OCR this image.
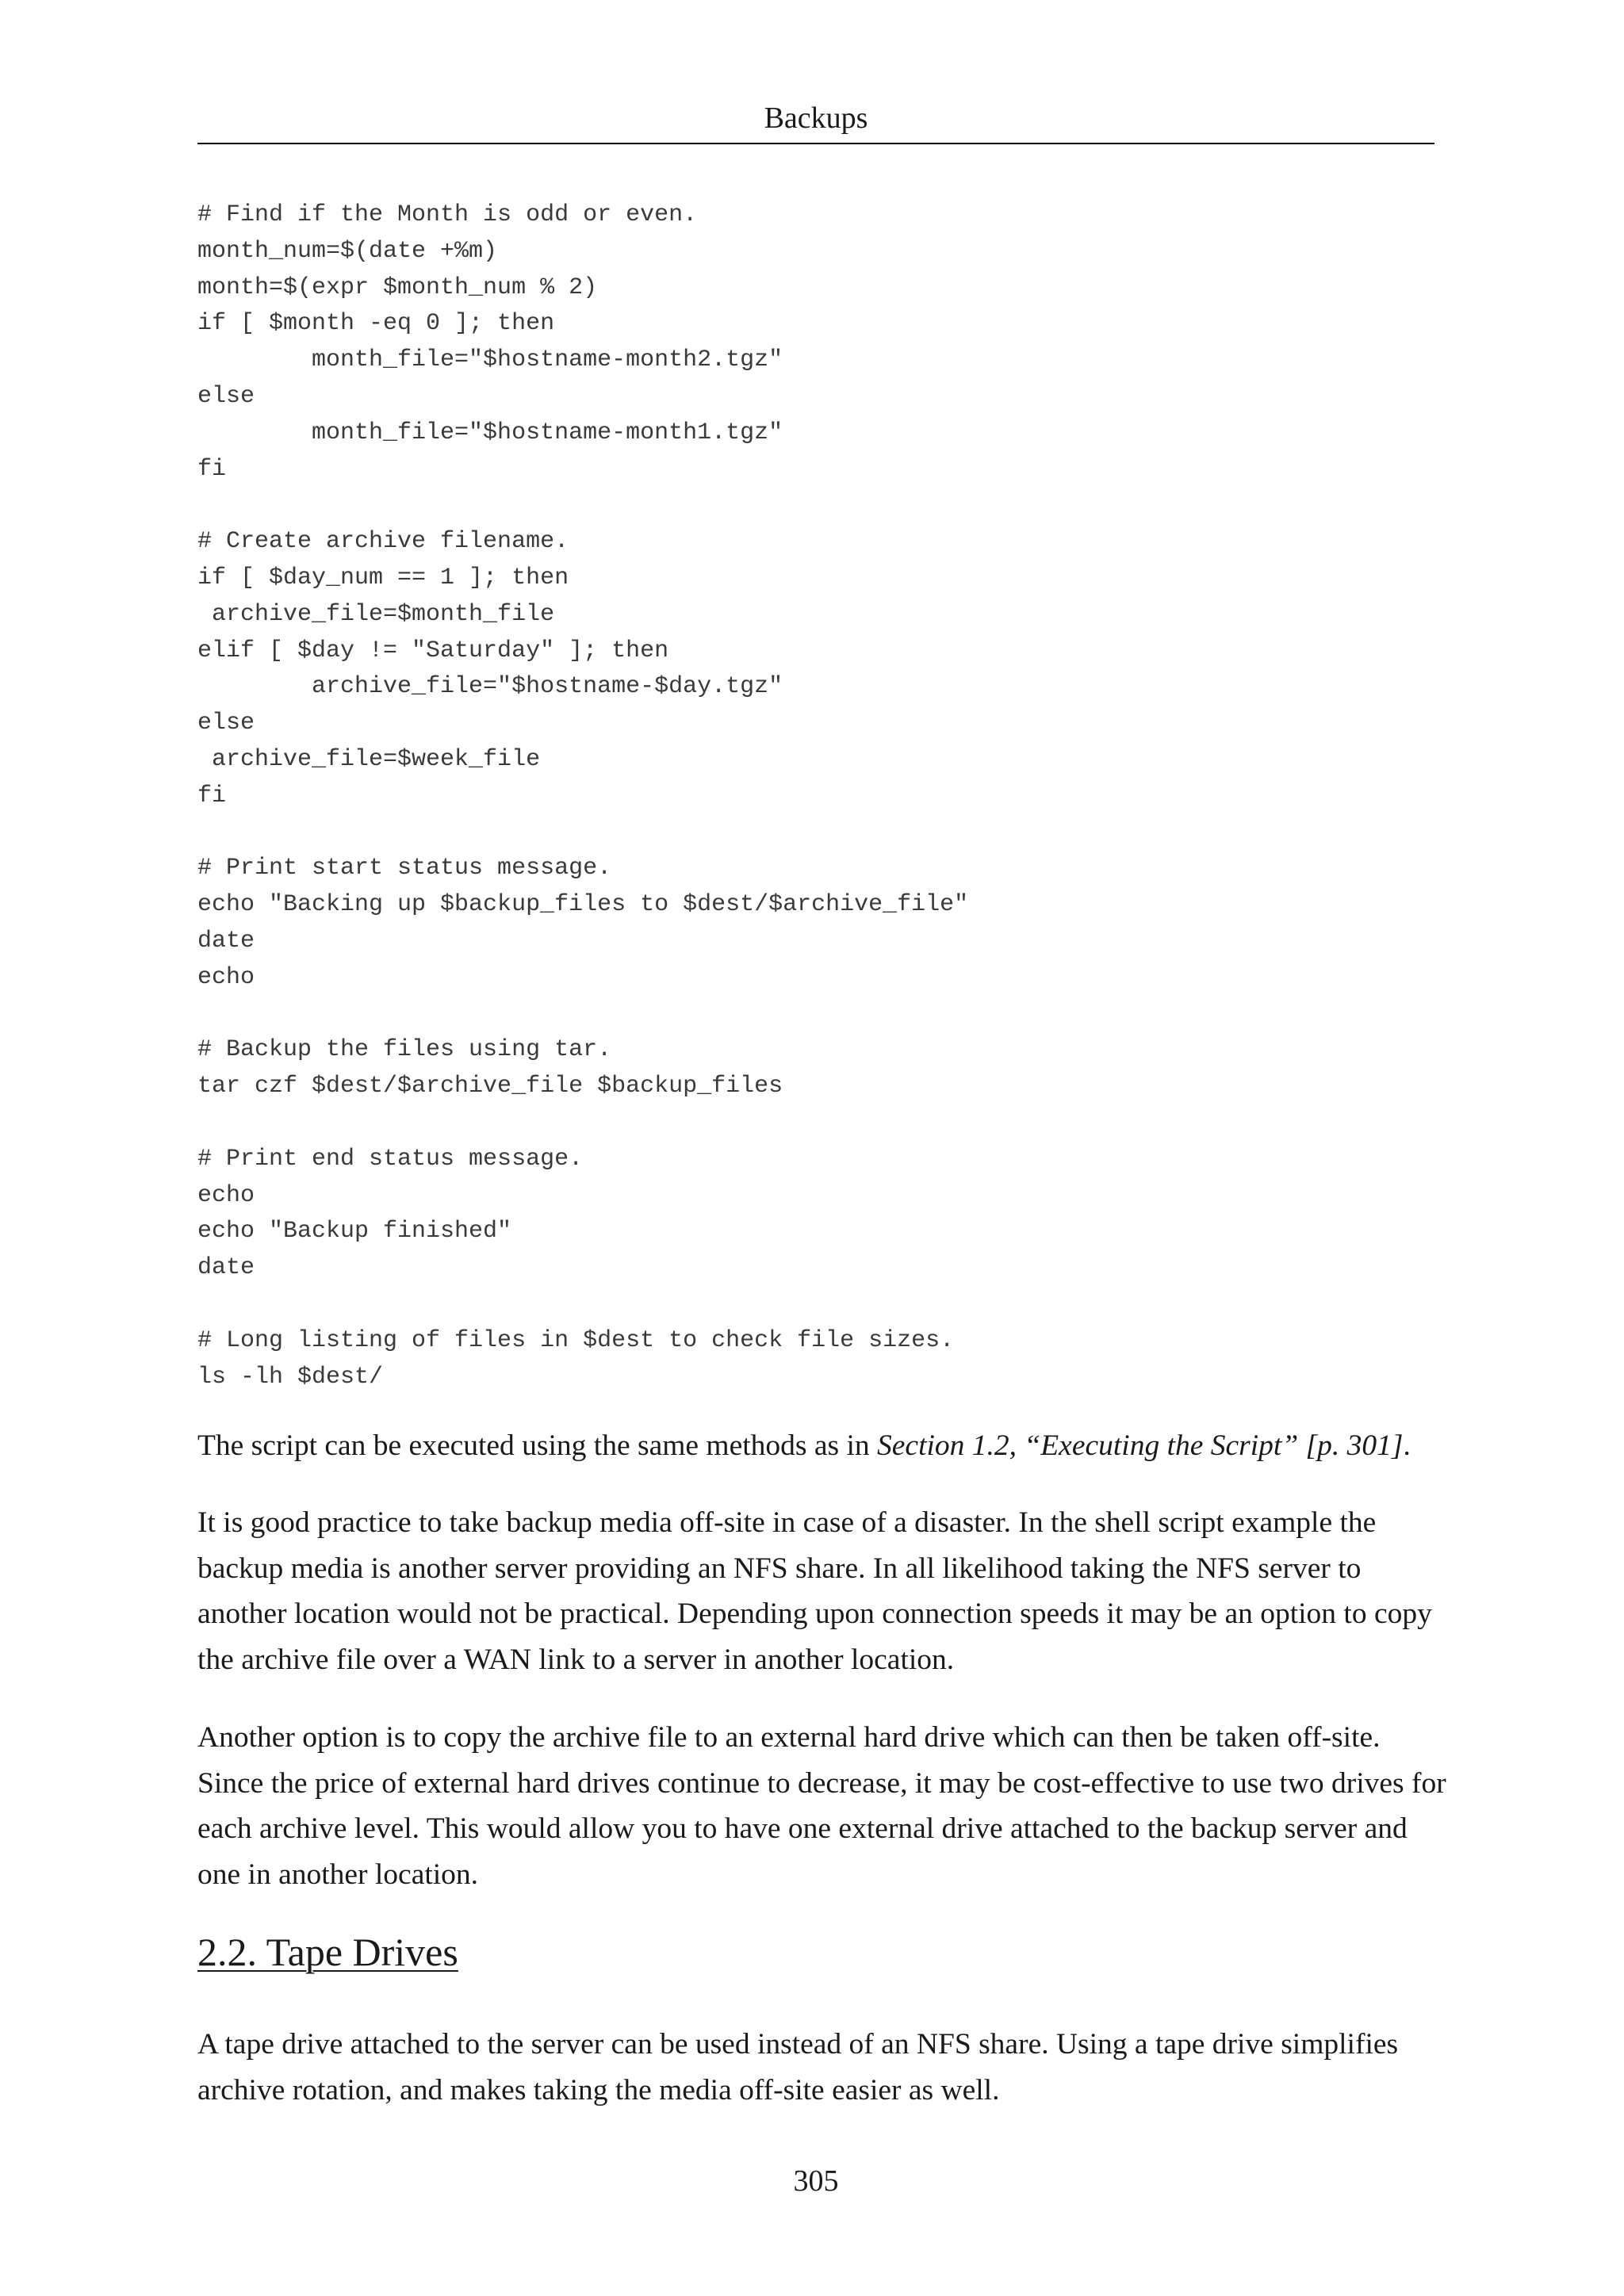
Backups
# Find if the Month is odd or even.
month_num=$(date +%m)
month=$(expr $month_num % 2)
if [ $month -eq 0 ]; then
month_file="$hostname-month2.tgz"
else
month_file="$hostname-month1.tgz"
fi

# Create archive filename.
if [ $day_num == 1 ]; then
archive_file=$month_file
elif [ $day != "Saturday" ]; then
archive_file="$hostname-$day.tgz"
else
archive_file=$week_file
fi

# Print start status message.
echo "Backing up $backup_files to $dest/$archive_file"
date
echo

# Backup the files using tar.
tar czf $dest/$archive_file $backup_files

# Print end status message.
echo
echo "Backup finished"
date

# Long listing of files in $dest to check file sizes.
ls -lh $dest/

The script can be executed using the same methods as in Section 1.2, “Executing the Script” [p. 301].

It is good practice to take backup media off-site in case of a disaster. In the shell script example the backup media is another server providing an NFS share. In all likelihood taking the NFS server to another location would not be practical. Depending upon connection speeds it may be an option to copy the archive file over a WAN link to a server in another location.

Another option is to copy the archive file to an external hard drive which can then be taken off-site. Since the price of external hard drives continue to decrease, it may be cost-effective to use two drives for each archive level. This would allow you to have one external drive attached to the backup server and one in another location.

2.2. Tape Drives

A tape drive attached to the server can be used instead of an NFS share. Using a tape drive simplifies archive rotation, and makes taking the media off-site easier as well.

305
